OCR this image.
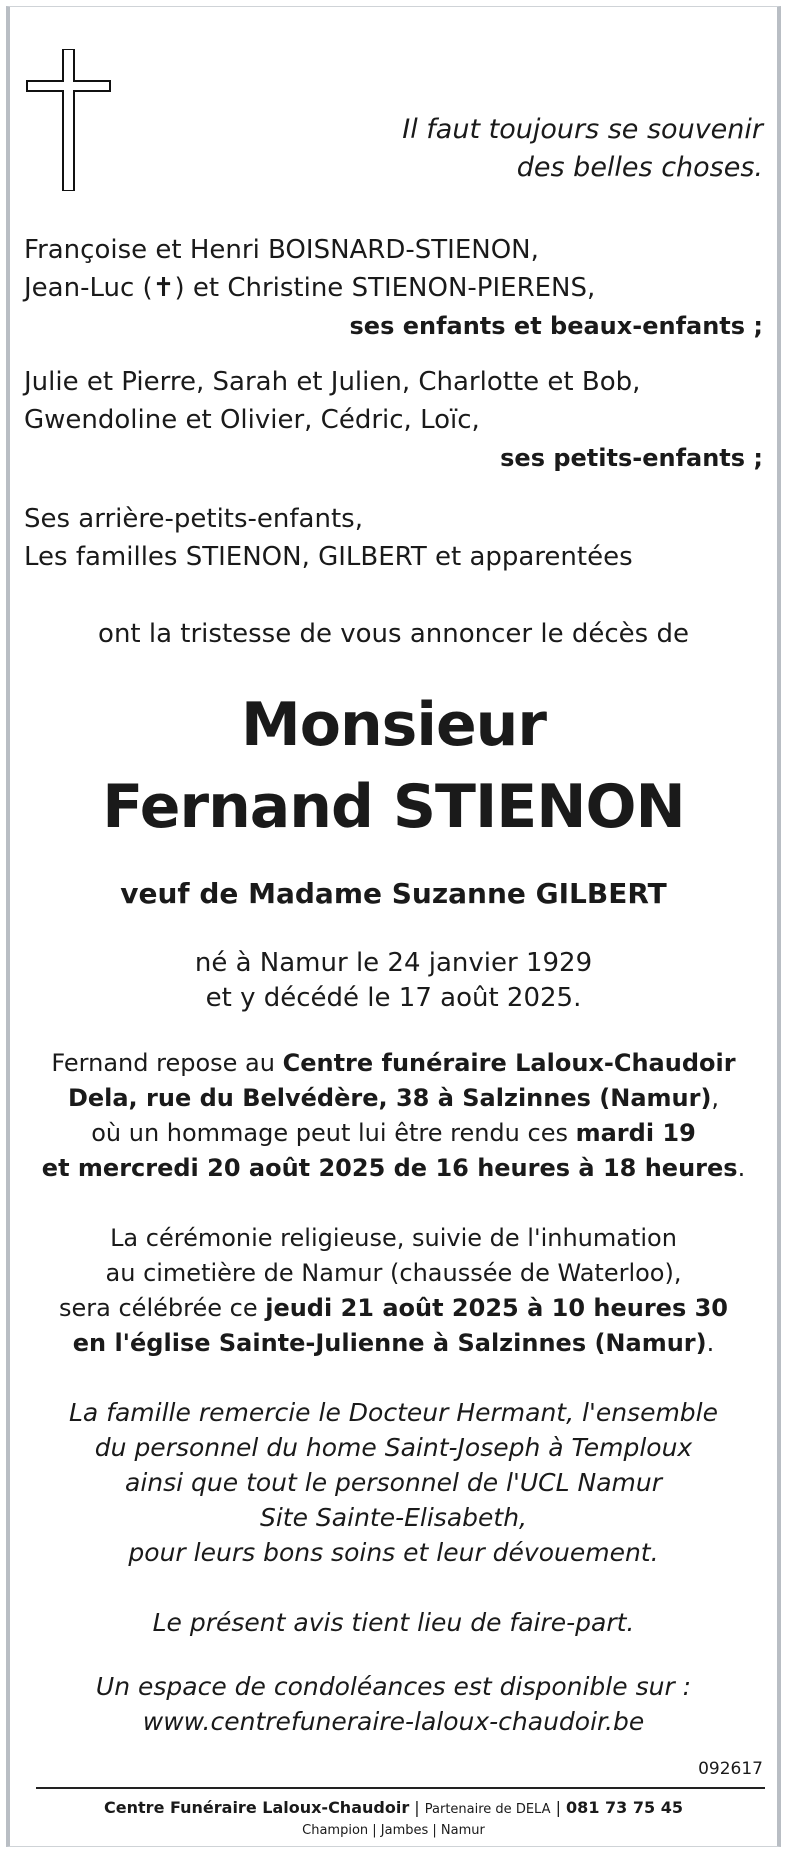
Il faut toujours se souvenir
des belles choses.
Françoise et Henri BOISNARD-STIENON,
Jean-Luc (✝) et Christine STIENON-PIERENS,
ses enfants et beaux-enfants ;
Julie et Pierre, Sarah et Julien, Charlotte et Bob,
Gwendoline et Olivier, Cédric, Loïc,
ses petits-enfants ;
Ses arrière-petits-enfants,
Les familles STIENON, GILBERT et apparentées
ont la tristesse de vous annoncer le décès de
Monsieur
Fernand STIENON
veuf de Madame Suzanne GILBERT
né à Namur le 24 janvier 1929
et y décédé le 17 août 2025.
Fernand repose au Centre funéraire Laloux-Chaudoir
Dela, rue du Belvédère, 38 à Salzinnes (Namur),
où un hommage peut lui être rendu ces mardi 19
et mercredi 20 août 2025 de 16 heures à 18 heures.
La cérémonie religieuse, suivie de l'inhumation
au cimetière de Namur (chaussée de Waterloo),
sera célébrée ce jeudi 21 août 2025 à 10 heures 30
en l'église Sainte-Julienne à Salzinnes (Namur).
La famille remercie le Docteur Hermant, l'ensemble
du personnel du home Saint-Joseph à Temploux
ainsi que tout le personnel de l'UCL Namur
Site Sainte-Elisabeth,
pour leurs bons soins et leur dévouement.
Le présent avis tient lieu de faire-part.
Un espace de condoléances est disponible sur :
www.centrefuneraire-laloux-chaudoir.be
092617
Centre Funéraire Laloux-Chaudoir | Partenaire de DELA | 081 73 75 45
Champion | Jambes | Namur
